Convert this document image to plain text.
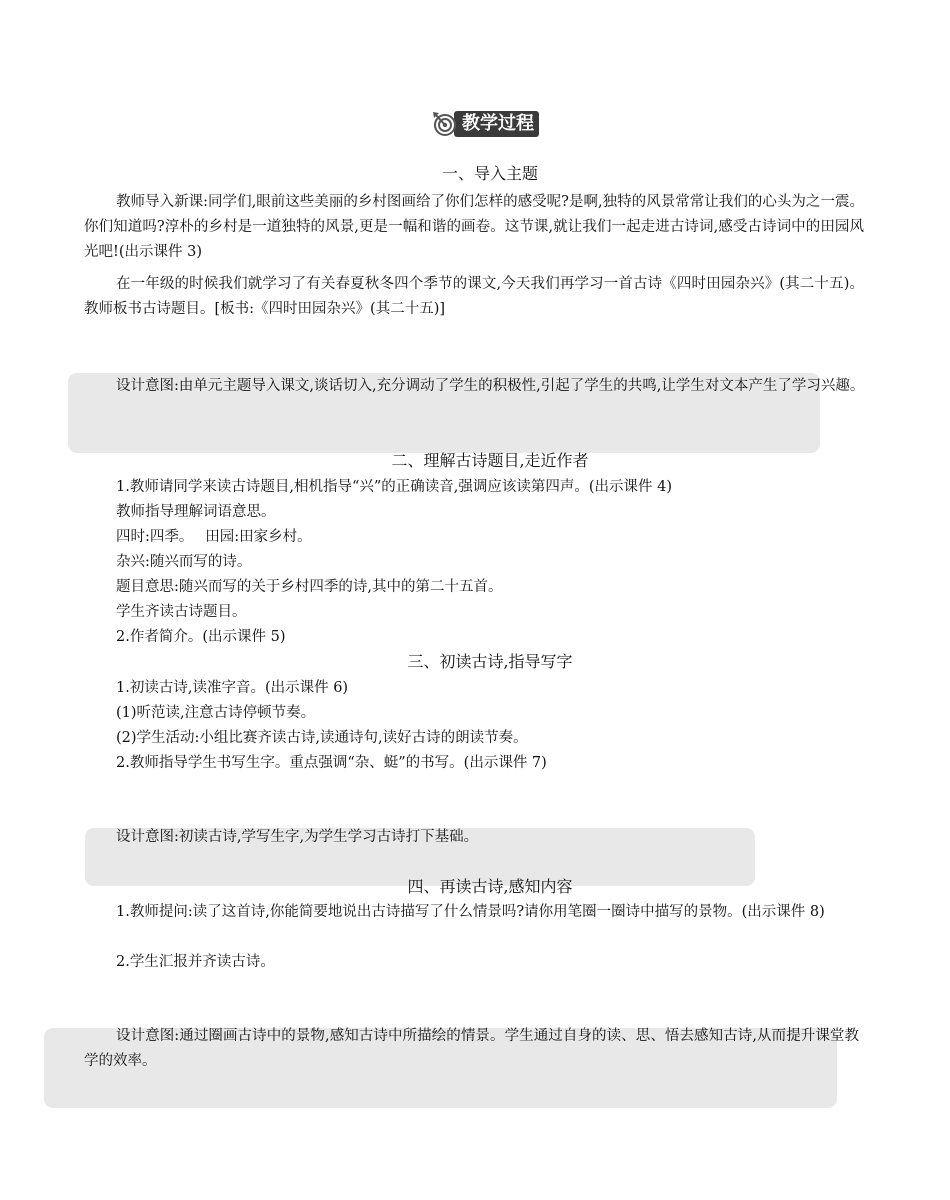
教学过程
一、导入主题
教师导入新课:同学们,眼前这些美丽的乡村图画给了你们怎样的感受呢?是啊,独特的风景常常让我们的心头为之一震。你们知道吗?淳朴的乡村是一道独特的风景,更是一幅和谐的画卷。这节课,就让我们一起走进古诗词,感受古诗词中的田园风光吧!(出示课件 3)
在一年级的时候我们就学习了有关春夏秋冬四个季节的课文,今天我们再学习一首古诗《四时田园杂兴》(其二十五)。教师板书古诗题目。[板书:《四时田园杂兴》(其二十五)]
设计意图:由单元主题导入课文,谈话切入,充分调动了学生的积极性,引起了学生的共鸣,让学生对文本产生了学习兴趣。
二、理解古诗题目,走近作者
1.教师请同学来读古诗题目,相机指导“兴”的正确读音,强调应该读第四声。(出示课件 4)
教师指导理解词语意思。
四时:四季。　 田园:田家乡村。
杂兴:随兴而写的诗。
题目意思:随兴而写的关于乡村四季的诗,其中的第二十五首。
学生齐读古诗题目。
2.作者简介。(出示课件 5)
三、初读古诗,指导写字
1.初读古诗,读准字音。(出示课件 6)
(1)听范读,注意古诗停顿节奏。
(2)学生活动:小组比赛齐读古诗,读通诗句,读好古诗的朗读节奏。
2.教师指导学生书写生字。重点强调“杂、蜓”的书写。(出示课件 7)
设计意图:初读古诗,学写生字,为学生学习古诗打下基础。
四、再读古诗,感知内容
1.教师提问:读了这首诗,你能简要地说出古诗描写了什么情景吗?请你用笔圈一圈诗中描写的景物。(出示课件 8)
2.学生汇报并齐读古诗。
设计意图:通过圈画古诗中的景物,感知古诗中所描绘的情景。学生通过自身的读、思、悟去感知古诗,从而提升课堂教学的效率。
